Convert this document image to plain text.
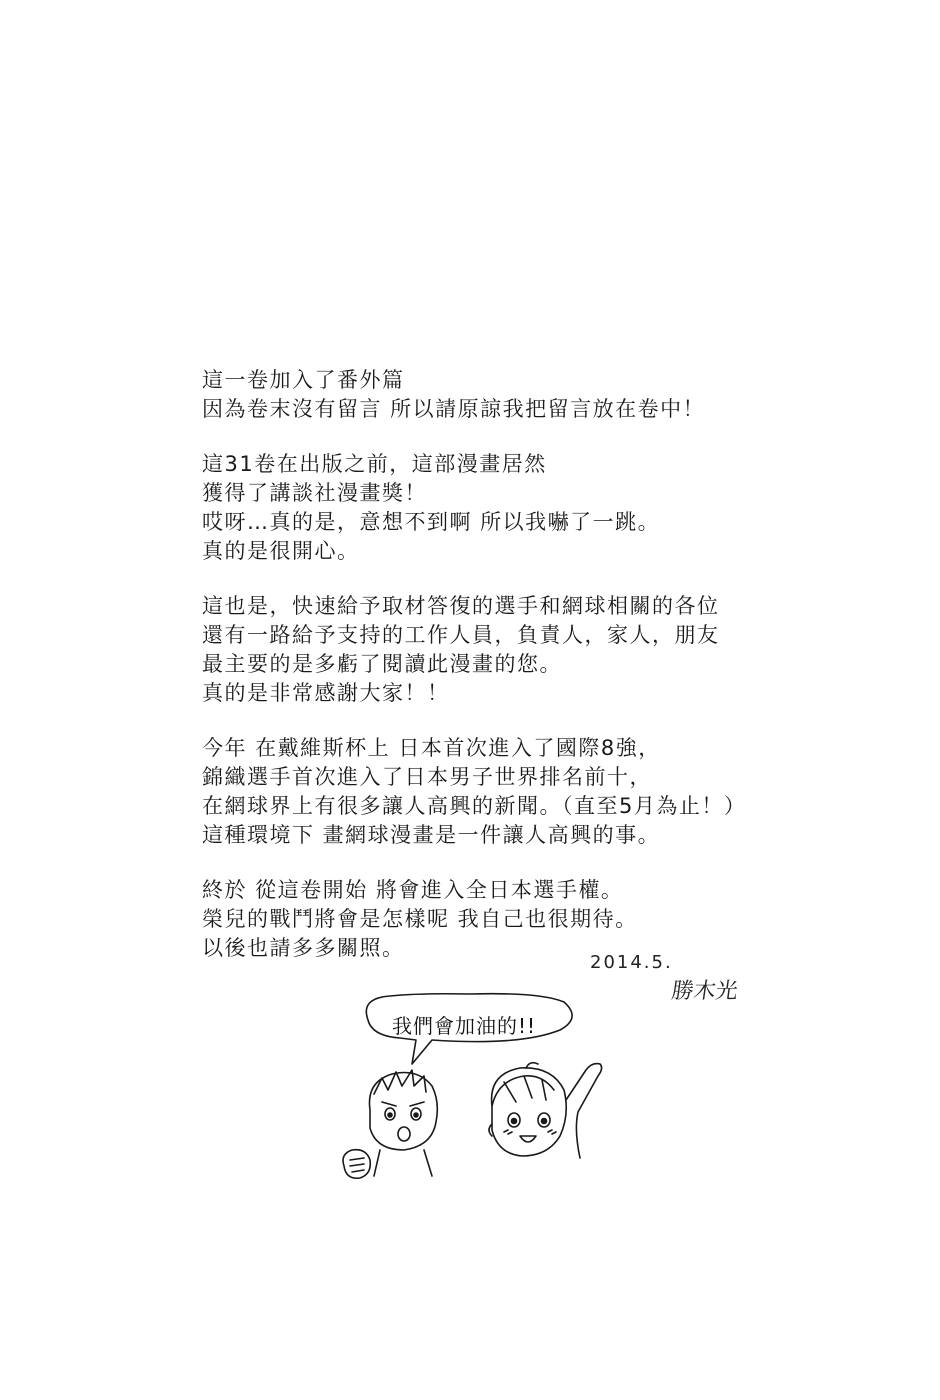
這一卷加入了番外篇
因為卷末沒有留言 所以請原諒我把留言放在卷中！
這31卷在出版之前，這部漫畫居然
獲得了講談社漫畫獎！
哎呀…真的是，意想不到啊 所以我嚇了一跳。
真的是很開心。
這也是，快速給予取材答復的選手和網球相關的各位
還有一路給予支持的工作人員，負責人，家人，朋友
最主要的是多虧了閱讀此漫畫的您。
真的是非常感謝大家！！
今年 在戴維斯杯上 日本首次進入了國際8強，
錦織選手首次進入了日本男子世界排名前十，
在網球界上有很多讓人高興的新聞。（直至5月為止！）
這種環境下 畫網球漫畫是一件讓人高興的事。
終於 從這卷開始 將會進入全日本選手權。
榮兒的戰鬥將會是怎樣呢 我自己也很期待。
以後也請多多關照。
2014.5.
勝木光
我們會加油的!!
